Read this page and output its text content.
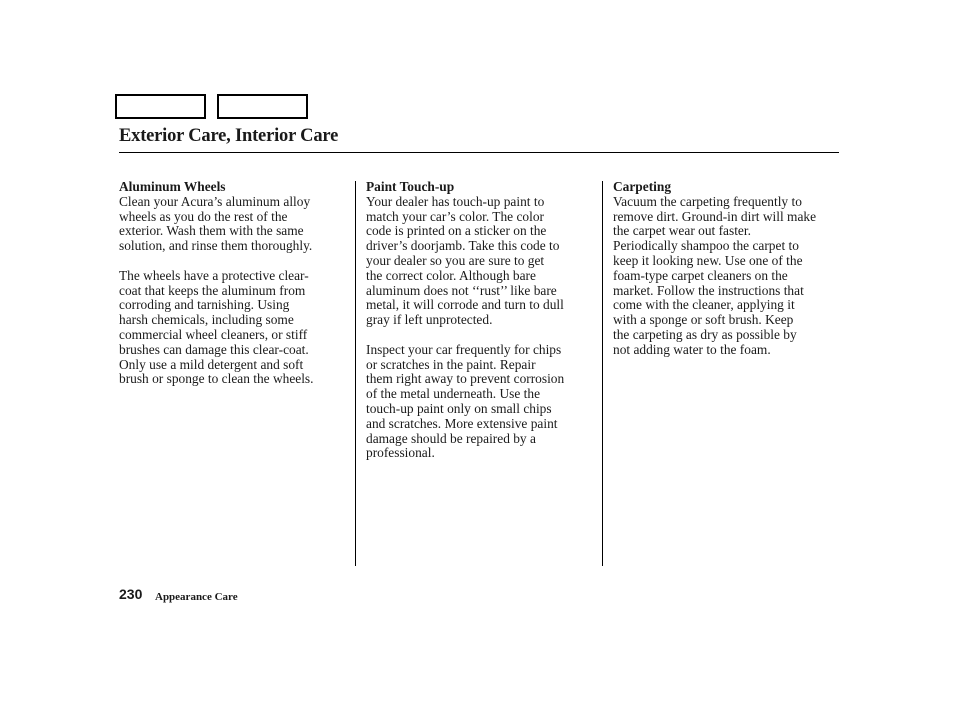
Exterior Care, Interior Care

Aluminum Wheels

Clean your Acura’s aluminum alloy
wheels as you do the rest of the
exterior. Wash them with the same
solution, and rinse them thoroughly.

The wheels have a protective clear-
coat that keeps the aluminum from
corroding and tarnishing. Using
harsh chemicals, including some
commercial wheel cleaners, or stiff
brushes can damage this clear-coat.
Only use a mild detergent and soft
brush or sponge to clean the wheels.

Paint Touch-up

Your dealer has touch-up paint to
match your car’s color. The color
code is printed on a sticker on the
driver’s doorjamb. Take this code to
your dealer so you are sure to get
the correct color. Although bare
aluminum does not ‘‘rust’’ like bare
metal, it will corrode and turn to dull
gray if left unprotected.

Inspect your car frequently for chips
or scratches in the paint. Repair
them right away to prevent corrosion
of the metal underneath. Use the
touch-up paint only on small chips
and scratches. More extensive paint
damage should be repaired by a
professional.

Carpeting

Vacuum the carpeting frequently to
remove dirt. Ground-in dirt will make
the carpet wear out faster.
Periodically shampoo the carpet to
keep it looking new. Use one of the
foam-type carpet cleaners on the
market. Follow the instructions that
come with the cleaner, applying it
with a sponge or soft brush. Keep
the carpeting as dry as possible by
not adding water to the foam.

230 Appearance Care
